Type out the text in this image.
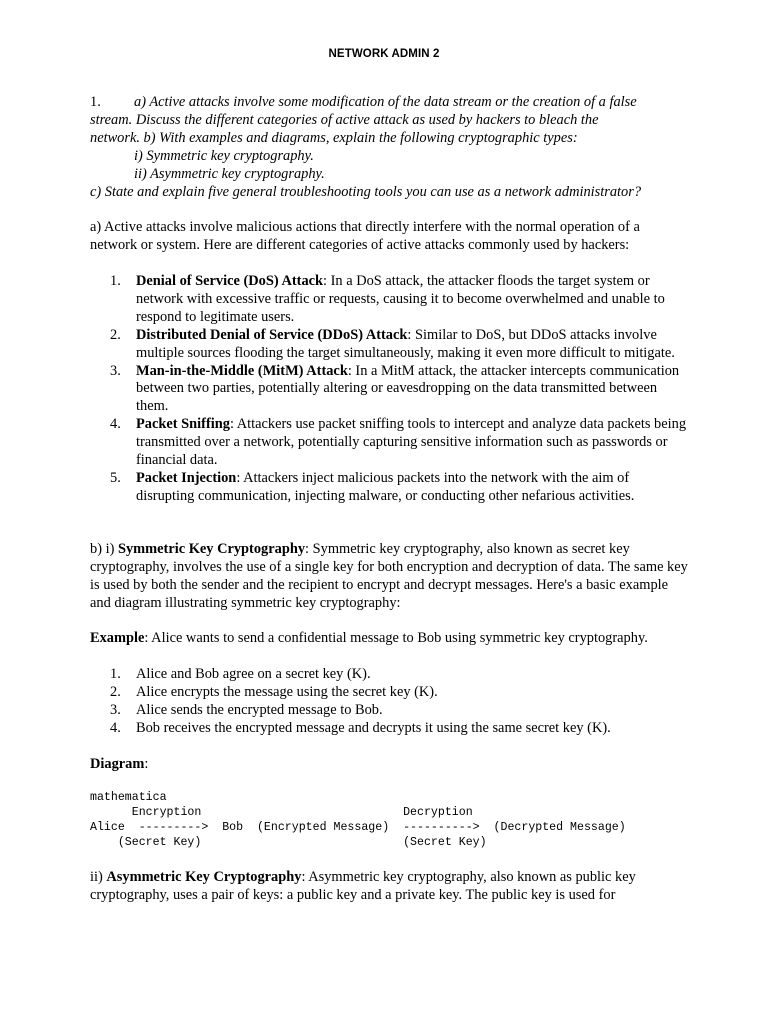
NETWORK ADMIN 2
1. a) Active attacks involve some modification of the data stream or the creation of a false
stream. Discuss the different categories of active attack as used by hackers to bleach the
network. b) With examples and diagrams, explain the following cryptographic types:
i) Symmetric key cryptography.
ii) Asymmetric key cryptography.
c) State and explain five general troubleshooting tools you can use as a network administrator?
a) Active attacks involve malicious actions that directly interfere with the normal operation of a network or system. Here are different categories of active attacks commonly used by hackers:
1. Denial of Service (DoS) Attack: In a DoS attack, the attacker floods the target system or network with excessive traffic or requests, causing it to become overwhelmed and unable to respond to legitimate users.
2. Distributed Denial of Service (DDoS) Attack: Similar to DoS, but DDoS attacks involve multiple sources flooding the target simultaneously, making it even more difficult to mitigate.
3. Man-in-the-Middle (MitM) Attack: In a MitM attack, the attacker intercepts communication between two parties, potentially altering or eavesdropping on the data transmitted between them.
4. Packet Sniffing: Attackers use packet sniffing tools to intercept and analyze data packets being transmitted over a network, potentially capturing sensitive information such as passwords or financial data.
5. Packet Injection: Attackers inject malicious packets into the network with the aim of disrupting communication, injecting malware, or conducting other nefarious activities.
b) i) Symmetric Key Cryptography: Symmetric key cryptography, also known as secret key cryptography, involves the use of a single key for both encryption and decryption of data. The same key is used by both the sender and the recipient to encrypt and decrypt messages. Here's a basic example and diagram illustrating symmetric key cryptography:
Example: Alice wants to send a confidential message to Bob using symmetric key cryptography.
1. Alice and Bob agree on a secret key (K).
2. Alice encrypts the message using the secret key (K).
3. Alice sends the encrypted message to Bob.
4. Bob receives the encrypted message and decrypts it using the same secret key (K).
Diagram:
mathematica
Encryption                             Decryption
Alice  --------->  Bob  (Encrypted Message)  ---------->  (Decrypted Message)
(Secret Key)                             (Secret Key)
ii) Asymmetric Key Cryptography: Asymmetric key cryptography, also known as public key cryptography, uses a pair of keys: a public key and a private key. The public key is used for
